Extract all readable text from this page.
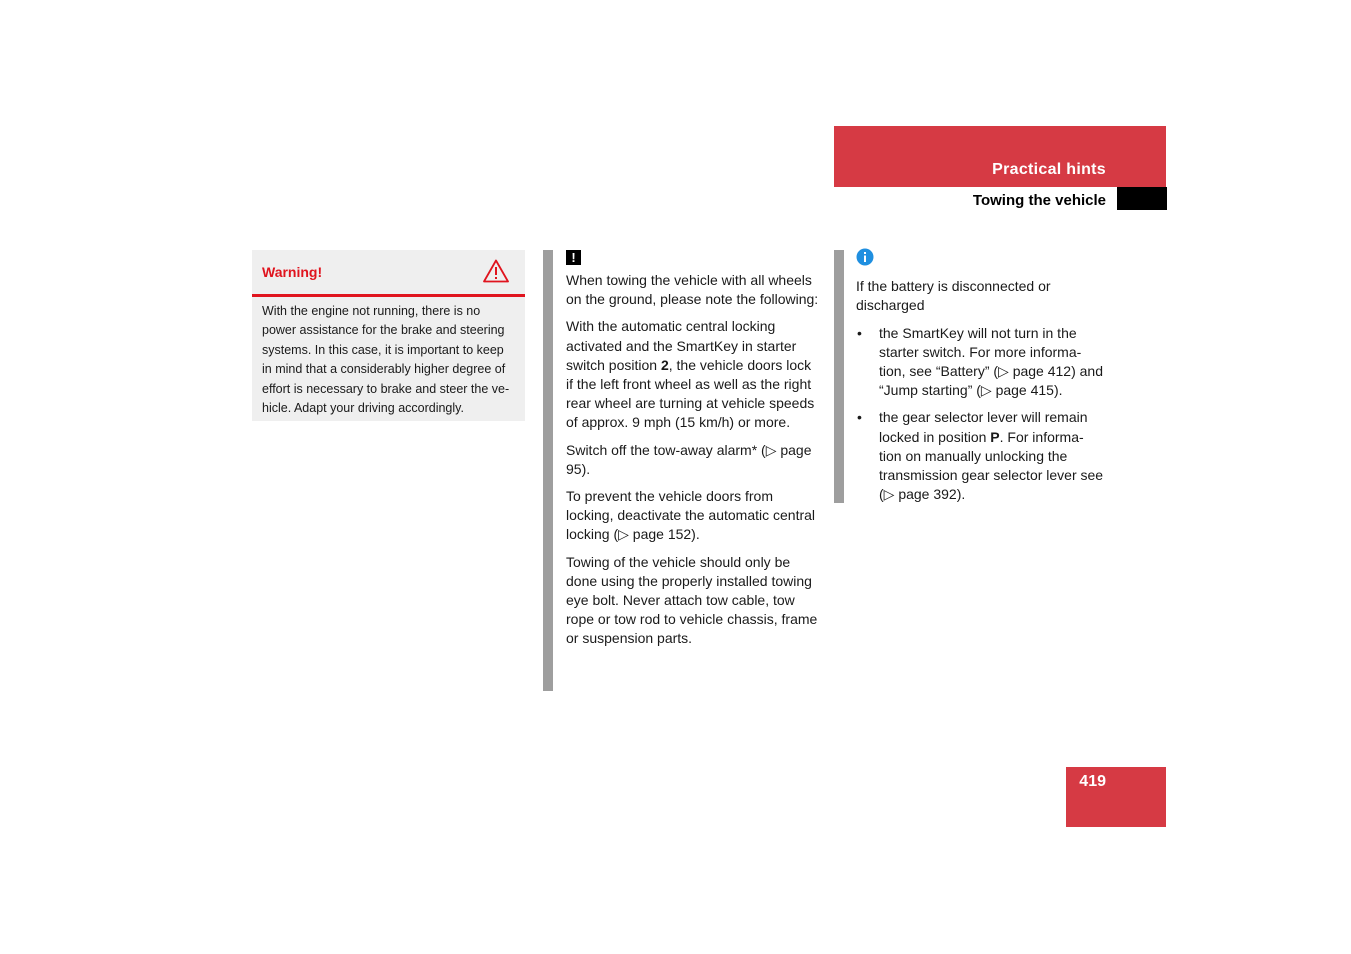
Practical hints
Towing the vehicle
Warning!
With the engine not running, there is no power assistance for the brake and steering systems. In this case, it is important to keep in mind that a considerably higher degree of effort is necessary to brake and steer the ve-hicle. Adapt your driving accordingly.
!

When towing the vehicle with all wheels on the ground, please note the following:

With the automatic central locking activated and the SmartKey in starter switch position 2, the vehicle doors lock if the left front wheel as well as the right rear wheel are turning at vehicle speeds of approx. 9 mph (15 km/h) or more.

Switch off the tow-away alarm* (▷ page 95).

To prevent the vehicle doors from locking, deactivate the automatic central locking (▷ page 152).

Towing of the vehicle should only be done using the properly installed towing eye bolt. Never attach tow cable, tow rope or tow rod to vehicle chassis, frame or suspension parts.

If the battery is disconnected or discharged

• the SmartKey will not turn in the starter switch. For more informa-tion, see “Battery” (▷ page 412) and “Jump starting” (▷ page 415).
• the gear selector lever will remain locked in position P. For informa-tion on manually unlocking the transmission gear selector lever see (▷ page 392).
419
